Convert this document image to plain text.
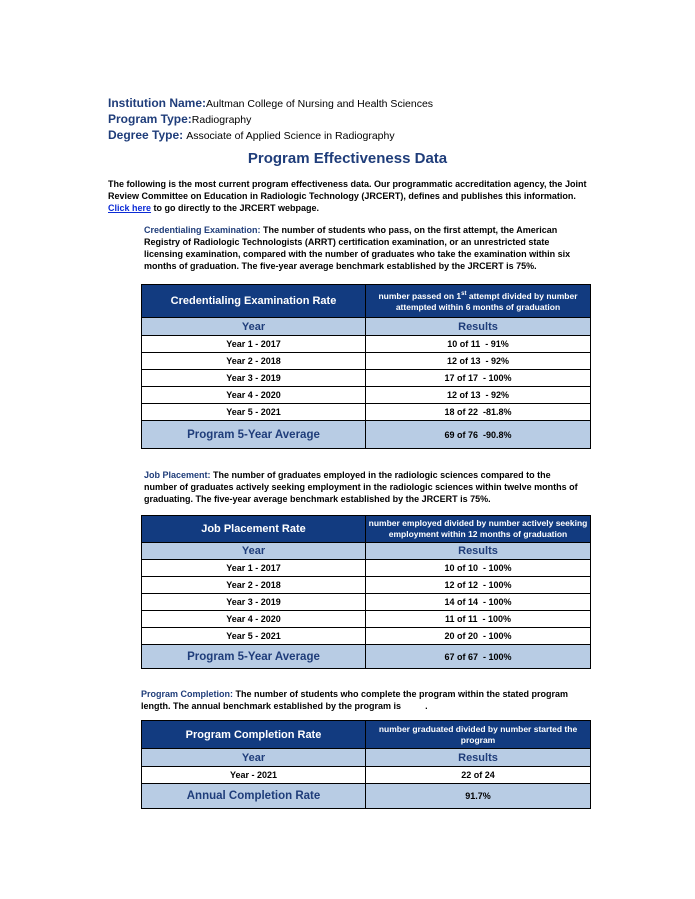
Institution Name:Aultman College of Nursing and Health Sciences
Program Type:Radiography
Degree Type: Associate of Applied Science in Radiography
Program Effectiveness Data
The following is the most current program effectiveness data. Our programmatic accreditation agency, the Joint Review Committee on Education in Radiologic Technology (JRCERT), defines and publishes this information. Click here to go directly to the JRCERT webpage.
Credentialing Examination: The number of students who pass, on the first attempt, the American Registry of Radiologic Technologists (ARRT) certification examination, or an unrestricted state licensing examination, compared with the number of graduates who take the examination within six months of graduation. The five-year average benchmark established by the JRCERT is 75%.
Credentialing Examination Rate	number passed on 1st attempt divided by number attempted within 6 months of graduation
Year	Results
Year 1 - 2017	10 of 11 - 91%
Year 2 - 2018	12 of 13 - 92%
Year 3 - 2019	17 of 17 - 100%
Year 4 - 2020	12 of 13 - 92%
Year 5 - 2021	18 of 22 -81.8%
Program 5-Year Average	69 of 76 -90.8%
Job Placement: The number of graduates employed in the radiologic sciences compared to the number of graduates actively seeking employment in the radiologic sciences within twelve months of graduating. The five-year average benchmark established by the JRCERT is 75%.
Job Placement Rate	number employed divided by number actively seeking employment within 12 months of graduation
Year	Results
Year 1 - 2017	10 of 10 - 100%
Year 2 - 2018	12 of 12 - 100%
Year 3 - 2019	14 of 14 - 100%
Year 4 - 2020	11 of 11 - 100%
Year 5 - 2021	20 of 20 - 100%
Program 5-Year Average	67 of 67 - 100%
Program Completion: The number of students who complete the program within the stated program length. The annual benchmark established by the program is	.
Program Completion Rate	number graduated divided by number started the program
Year	Results
Year - 2021	22 of 24
Annual Completion Rate	91.7%
